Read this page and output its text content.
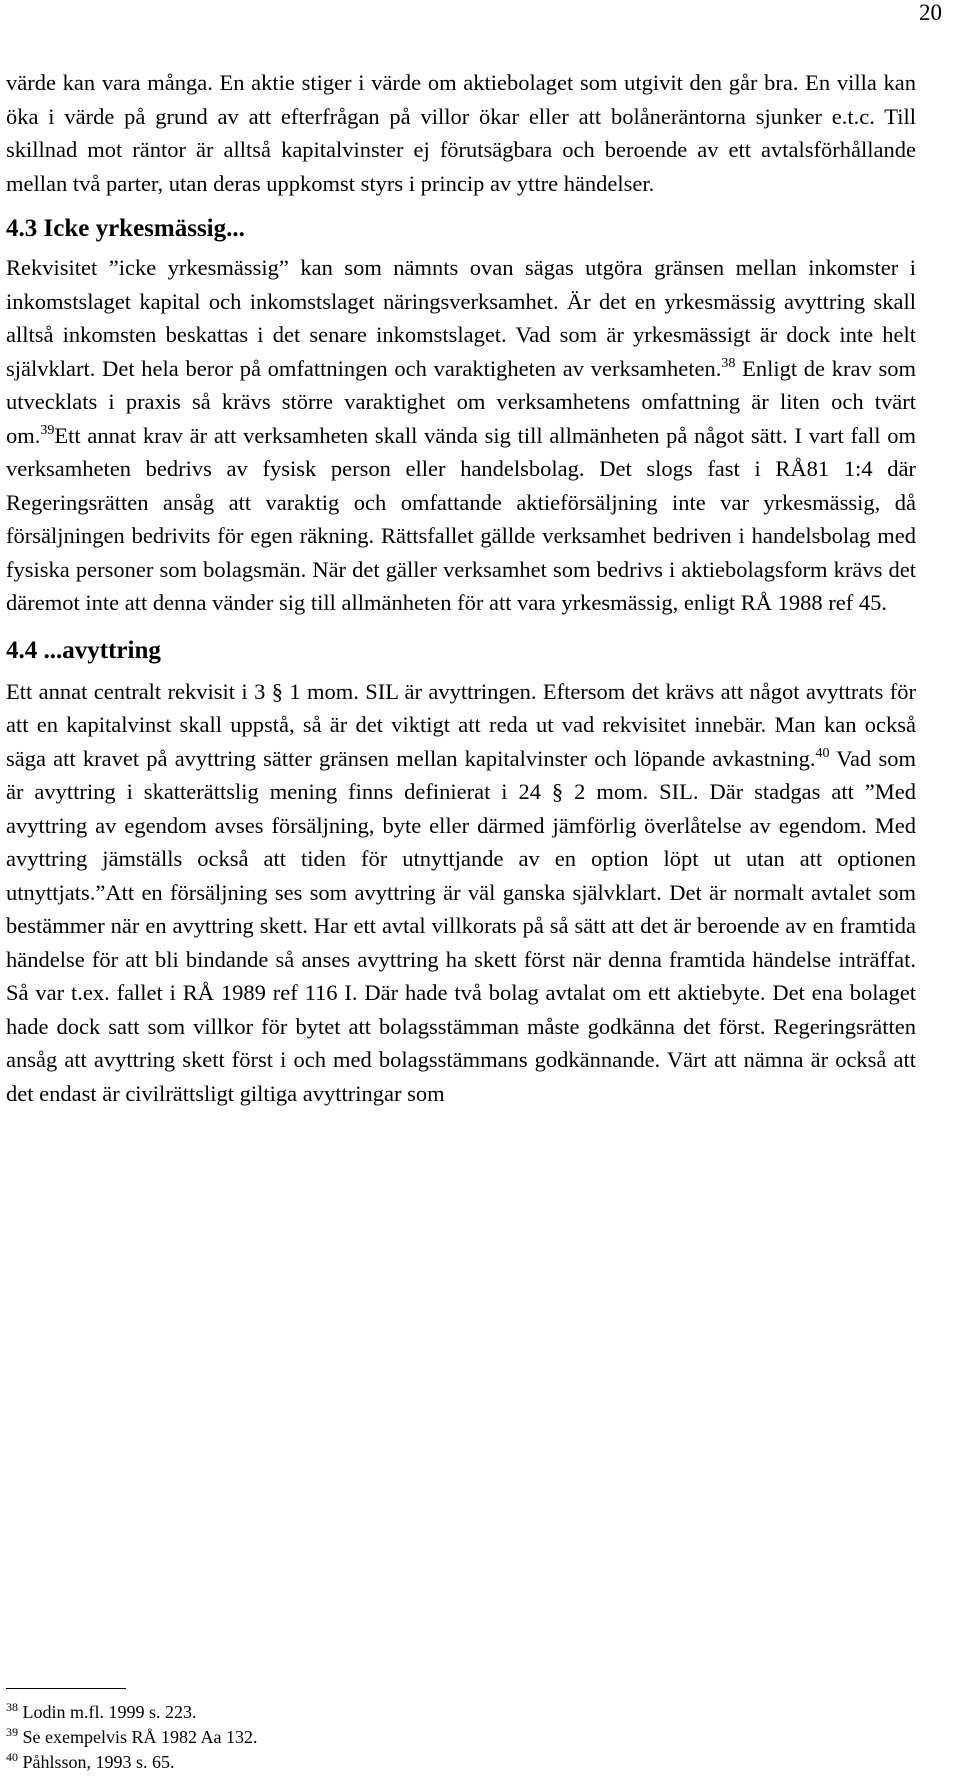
20

värde kan vara många. En aktie stiger i värde om aktiebolaget som utgivit den går bra. En villa kan öka i värde på grund av att efterfrågan på villor ökar eller att bolåneräntorna sjunker e.t.c. Till skillnad mot räntor är alltså kapitalvinster ej förutsägbara och beroende av ett avtalsförhållande mellan två parter, utan deras uppkomst styrs i princip av yttre händelser.

4.3 Icke yrkesmässig...

Rekvisitet ”icke yrkesmässig” kan som nämnts ovan sägas utgöra gränsen mellan inkomster i inkomstslaget kapital och inkomstslaget näringsverksamhet. Är det en yrkesmässig avyttring skall alltså inkomsten beskattas i det senare inkomstslaget. Vad som är yrkesmässigt är dock inte helt självklart. Det hela beror på omfattningen och varaktigheten av verksamheten.$^{38}$ Enligt de krav som utvecklats i praxis så krävs större varaktighet om verksamhetens omfattning är liten och tvärt om.$^{39}$Ett annat krav är att verksamheten skall vända sig till allmänheten på något sätt. I vart fall om verksamheten bedrivs av fysisk person eller handelsbolag. Det slogs fast i RÅ81 1:4 där Regeringsrätten ansåg att varaktig och omfattande aktieförsäljning inte var yrkesmässig, då försäljningen bedrivits för egen räkning. Rättsfallet gällde verksamhet bedriven i handelsbolag med fysiska personer som bolagsmän. När det gäller verksamhet som bedrivs i aktiebolagsform krävs det däremot inte att denna vänder sig till allmänheten för att vara yrkesmässig, enligt RÅ 1988 ref 45.

4.4 ...avyttring

Ett annat centralt rekvisit i 3 § 1 mom. SIL är avyttringen. Eftersom det krävs att något avyttrats för att en kapitalvinst skall uppstå, så är det viktigt att reda ut vad rekvisitet innebär. Man kan också säga att kravet på avyttring sätter gränsen mellan kapitalvinster och löpande avkastning.$^{40}$ Vad som är avyttring i skatterättslig mening finns definierat i 24 § 2 mom. SIL. Där stadgas att ”Med avyttring av egendom avses försäljning, byte eller därmed jämförlig överlåtelse av egendom. Med avyttring jämställs också att tiden för utnyttjande av en option löpt ut utan att optionen utnyttjats.”Att en försäljning ses som avyttring är väl ganska självklart. Det är normalt avtalet som bestämmer när en avyttring skett. Har ett avtal villkorats på så sätt att det är beroende av en framtida händelse för att bli bindande så anses avyttring ha skett först när denna framtida händelse inträffat. Så var t.ex. fallet i RÅ 1989 ref 116 I. Där hade två bolag avtalat om ett aktiebyte. Det ena bolaget hade dock satt som villkor för bytet att bolagsstämman måste godkänna det först. Regeringsrätten ansåg att avyttring skett först i och med bolagsstämmans godkännande. Värt att nämna är också att det endast är civilrättsligt giltiga avyttringar som

$^{38}$ Lodin m.fl. 1999 s. 223.

$^{39}$ Se exempelvis RÅ 1982 Aa 132.

$^{40}$ Påhlsson, 1993 s. 65.
